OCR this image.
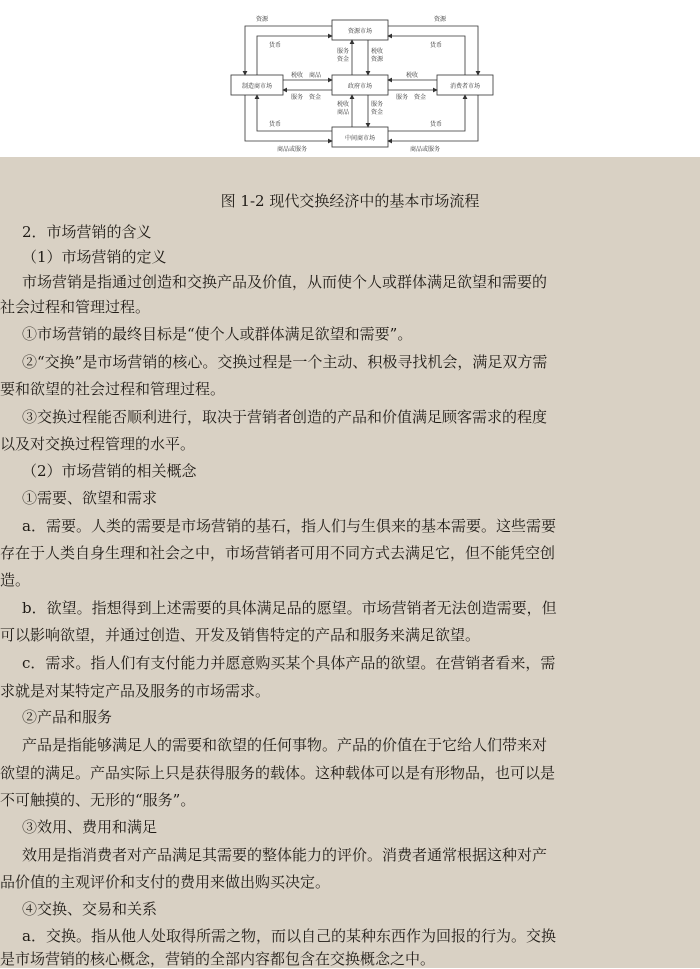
资源市场
制造商市场	政府市场	消费者市场
中间商市场
资源	资源
货币	货币
货币	货币
商品或服务	商品或服务
服务
资金
税收
资源
税收 商品
服务 资金
税收
服务 资金
税收
商品
服务
资金
图 1-2 现代交换经济中的基本市场流程
2．市场营销的含义
（1）市场营销的定义
市场营销是指通过创造和交换产品及价值，从而使个人或群体满足欲望和需要的
社会过程和管理过程。
①市场营销的最终目标是“使个人或群体满足欲望和需要”。
②“交换”是市场营销的核心。交换过程是一个主动、积极寻找机会，满足双方需
要和欲望的社会过程和管理过程。
③交换过程能否顺利进行，取决于营销者创造的产品和价值满足顾客需求的程度
以及对交换过程管理的水平。
（2）市场营销的相关概念
①需要、欲望和需求
a．需要。人类的需要是市场营销的基石，指人们与生俱来的基本需要。这些需要
存在于人类自身生理和社会之中，市场营销者可用不同方式去满足它，但不能凭空创
造。
b．欲望。指想得到上述需要的具体满足品的愿望。市场营销者无法创造需要，但
可以影响欲望，并通过创造、开发及销售特定的产品和服务来满足欲望。
c．需求。指人们有支付能力并愿意购买某个具体产品的欲望。在营销者看来，需
求就是对某特定产品及服务的市场需求。
②产品和服务
产品是指能够满足人的需要和欲望的任何事物。产品的价值在于它给人们带来对
欲望的满足。产品实际上只是获得服务的载体。这种载体可以是有形物品，也可以是
不可触摸的、无形的“服务”。
③效用、费用和满足
效用是指消费者对产品满足其需要的整体能力的评价。消费者通常根据这种对产
品价值的主观评价和支付的费用来做出购买决定。
④交换、交易和关系
a．交换。指从他人处取得所需之物，而以自己的某种东西作为回报的行为。交换
是市场营销的核心概念，营销的全部内容都包含在交换概念之中。
